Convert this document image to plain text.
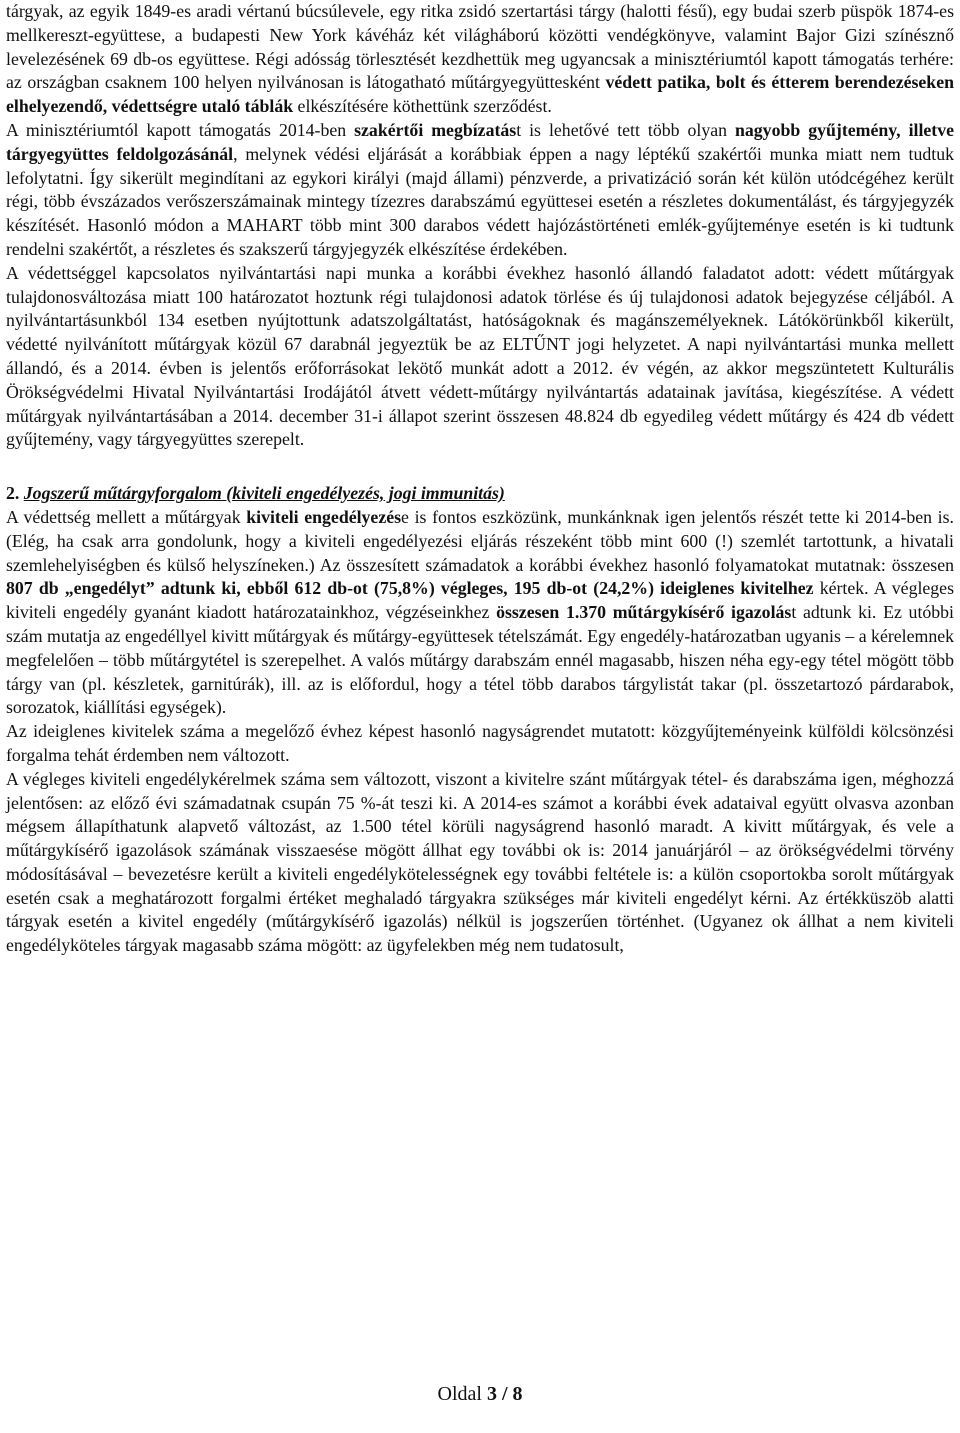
tárgyak, az egyik 1849-es aradi vértanú búcsúlevele, egy ritka zsidó szertartási tárgy (halotti fésű), egy budai szerb püspök 1874-es mellkereszt-együttese, a budapesti New York kávéház két világháború közötti vendégkönyve, valamint Bajor Gizi színésznő levelezésének 69 db-os együttese. Régi adósság törlesztését kezdhettük meg ugyancsak a minisztériumtól kapott támogatás terhére: az országban csaknem 100 helyen nyilvánosan is látogatható műtárgyegyüttesként védett patika, bolt és étterem berendezéseken elhelyezendő, védettségre utaló táblák elkészítésére köthettünk szerződést.

A minisztériumtól kapott támogatás 2014-ben szakértői megbízatást is lehetővé tett több olyan nagyobb gyűjtemény, illetve tárgyegyüttes feldolgozásánál, melynek védési eljárását a korábbiak éppen a nagy léptékű szakértői munka miatt nem tudtuk lefolytatni. Így sikerült megindítani az egykori királyi (majd állami) pénzverde, a privatizáció során két külön utódcégéhez került régi, több évszázados verőszerszámainak mintegy tízezres darabszámú együttesei esetén a részletes dokumentálást, és tárgyjegyzék készítését. Hasonló módon a MAHART több mint 300 darabos védett hajózástörténeti emlék-gyűjteménye esetén is ki tudtunk rendelni szakértőt, a részletes és szakszerű tárgyjegyzék elkészítése érdekében.

A védettséggel kapcsolatos nyilvántartási napi munka a korábbi évekhez hasonló állandó faladatot adott: védett műtárgyak tulajdonosváltozása miatt 100 határozatot hoztunk régi tulajdonosi adatok törlése és új tulajdonosi adatok bejegyzése céljából. A nyilvántartásunkból 134 esetben nyújtottunk adatszolgáltatást, hatóságoknak és magánszemélyeknek. Látókörünkből kikerült, védetté nyilvánított műtárgyak közül 67 darabnál jegyeztük be az ELTŰNT jogi helyzetet. A napi nyilvántartási munka mellett állandó, és a 2014. évben is jelentős erőforrásokat lekötő munkát adott a 2012. év végén, az akkor megszüntetett Kulturális Örökségvédelmi Hivatal Nyilvántartási Irodájától átvett védett-műtárgy nyilvántartás adatainak javítása, kiegészítése. A védett műtárgyak nyilvántartásában a 2014. december 31-i állapot szerint összesen 48.824 db egyedileg védett műtárgy és 424 db védett gyűjtemény, vagy tárgyegyüttes szerepelt.

2. Jogszerű műtárgyforgalom (kiviteli engedélyezés, jogi immunitás)

A védettség mellett a műtárgyak kiviteli engedélyezése is fontos eszközünk, munkánknak igen jelentős részét tette ki 2014-ben is. (Elég, ha csak arra gondolunk, hogy a kiviteli engedélyezési eljárás részeként több mint 600 (!) szemlét tartottunk, a hivatali szemlehelyiségben és külső helyszíneken.) Az összesített számadatok a korábbi évekhez hasonló folyamatokat mutatnak: összesen 807 db „engedélyt” adtunk ki, ebből 612 db-ot (75,8%) végleges, 195 db-ot (24,2%) ideiglenes kivitelhez kértek. A végleges kiviteli engedély gyanánt kiadott határozatainkhoz, végzéseinkhez összesen 1.370 műtárgykísérő igazolást adtunk ki. Ez utóbbi szám mutatja az engedéllyel kivitt műtárgyak és műtárgy-együttesek tételszámát. Egy engedély-határozatban ugyanis – a kérelemnek megfelelően – több műtárgytétel is szerepelhet. A valós műtárgy darabszám ennél magasabb, hiszen néha egy-egy tétel mögött több tárgy van (pl. készletek, garnitúrák), ill. az is előfordul, hogy a tétel több darabos tárgylistát takar (pl. összetartozó párdarabok, sorozatok, kiállítási egységek).

Az ideiglenes kivitelek száma a megelőző évhez képest hasonló nagyságrendet mutatott: közgyűjteményeink külföldi kölcsönzési forgalma tehát érdemben nem változott.

A végleges kiviteli engedélykérelmek száma sem változott, viszont a kivitelre szánt műtárgyak tétel- és darabszáma igen, méghozzá jelentősen: az előző évi számadatnak csupán 75 %-át teszi ki. A 2014-es számot a korábbi évek adataival együtt olvasva azonban mégsem állapíthatunk alapvető változást, az 1.500 tétel körüli nagyságrend hasonló maradt. A kivitt műtárgyak, és vele a műtárgykísérő igazolások számának visszaesése mögött állhat egy további ok is: 2014 januárjáról – az örökségvédelmi törvény módosításával – bevezetésre került a kiviteli engedélykötelességnek egy további feltétele is: a külön csoportokba sorolt műtárgyak esetén csak a meghatározott forgalmi értéket meghaladó tárgyakra szükséges már kiviteli engedélyt kérni. Az értékküszöb alatti tárgyak esetén a kivitel engedély (műtárgykísérő igazolás) nélkül is jogszerűen történhet. (Ugyanez ok állhat a nem kiviteli engedélyköteles tárgyak magasabb száma mögött: az ügyfelekben még nem tudatosult,

Oldal 3 / 8
